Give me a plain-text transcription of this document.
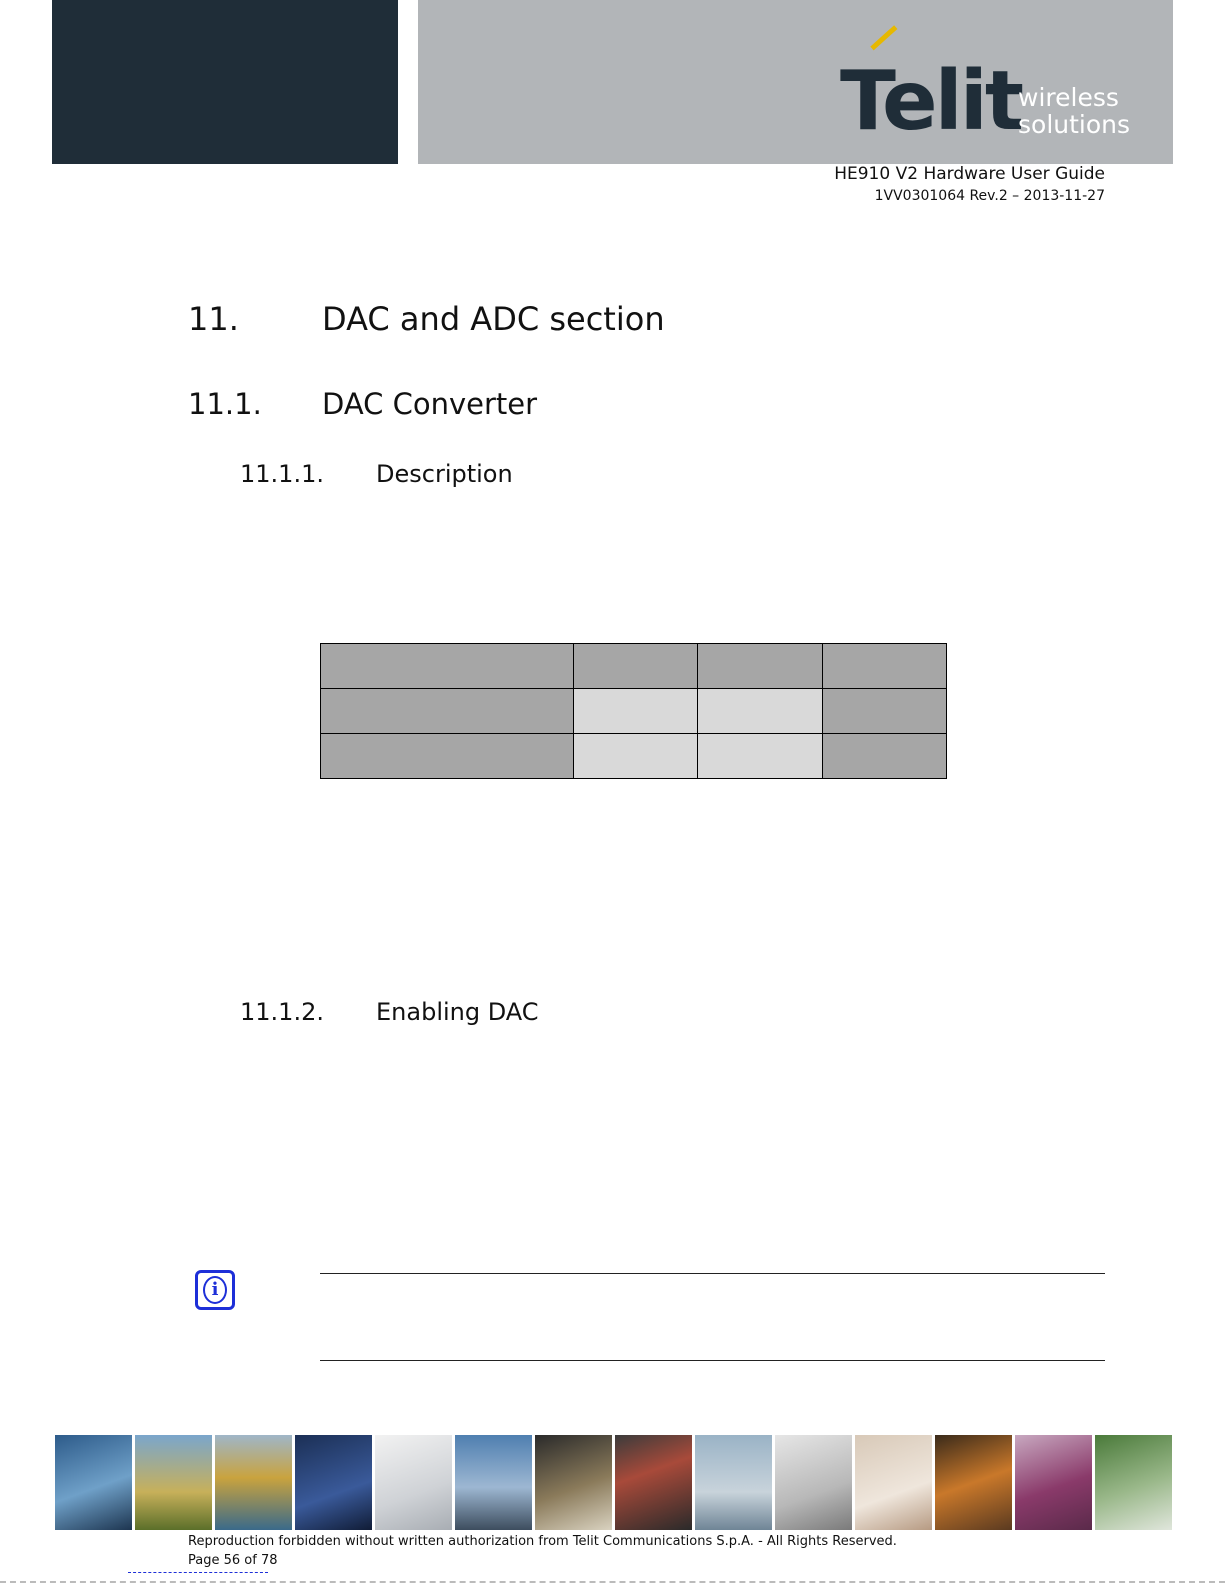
Telit
wireless
solutions
HE910 V2 Hardware User Guide
1VV0301064 Rev.2 – 2013-11-27
11.	DAC and ADC section
11.1. DAC Converter
11.1.1. Description

11.1.2. Enabling DAC
i
Reproduction forbidden without written authorization from Telit Communications S.p.A. - All Rights Reserved.
Page 56 of 78
